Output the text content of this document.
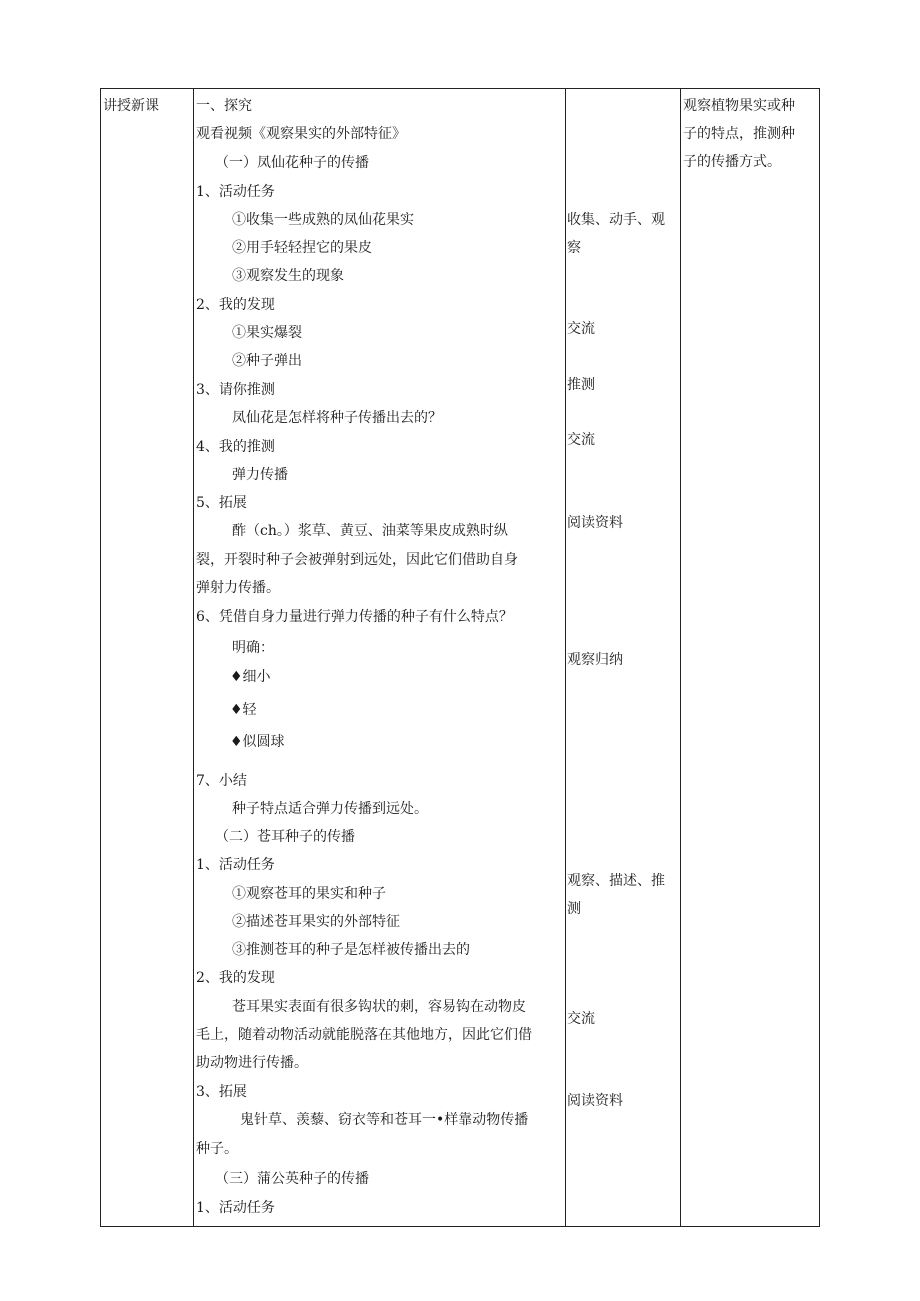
讲授新课	一、探究
观看视频《观察果实的外部特征》
（一）凤仙花种子的传播
1、活动任务
①收集一些成熟的凤仙花果实
②用手轻轻捏它的果皮
③观察发生的现象
2、我的发现
①果实爆裂
②种子弹出
3、请你推测
凤仙花是怎样将种子传播出去的？
4、我的推测
弹力传播
5、拓展
酢（ch。）浆草、黄豆、油菜等果皮成熟时纵
裂，开裂时种子会被弹射到远处，因此它们借助自身
弹射力传播。
6、凭借自身力量进行弹力传播的种子有什么特点？
明确：
♦细小
♦轻
♦似圆球
7、小结
种子特点适合弹力传播到远处。
（二）苍耳种子的传播
1、活动任务
①观察苍耳的果实和种子
②描述苍耳果实的外部特征
③推测苍耳的种子是怎样被传播出去的
2、我的发现
苍耳果实表面有很多钩状的刺，容易钩在动物皮
毛上，随着动物活动就能脱落在其他地方，因此它们借
助动物进行传播。
3、拓展
鬼针草、羡藜、窃衣等和苍耳一•样靠动物传播
种子。
（三）蒲公英种子的传播
1、活动任务
收集、动手、观
察
交流
推测
交流
阅读资料
观察归纳
观察、描述、推
测
交流
阅读资料
观察植物果实或种
子的特点，推测种
子的传播方式。
